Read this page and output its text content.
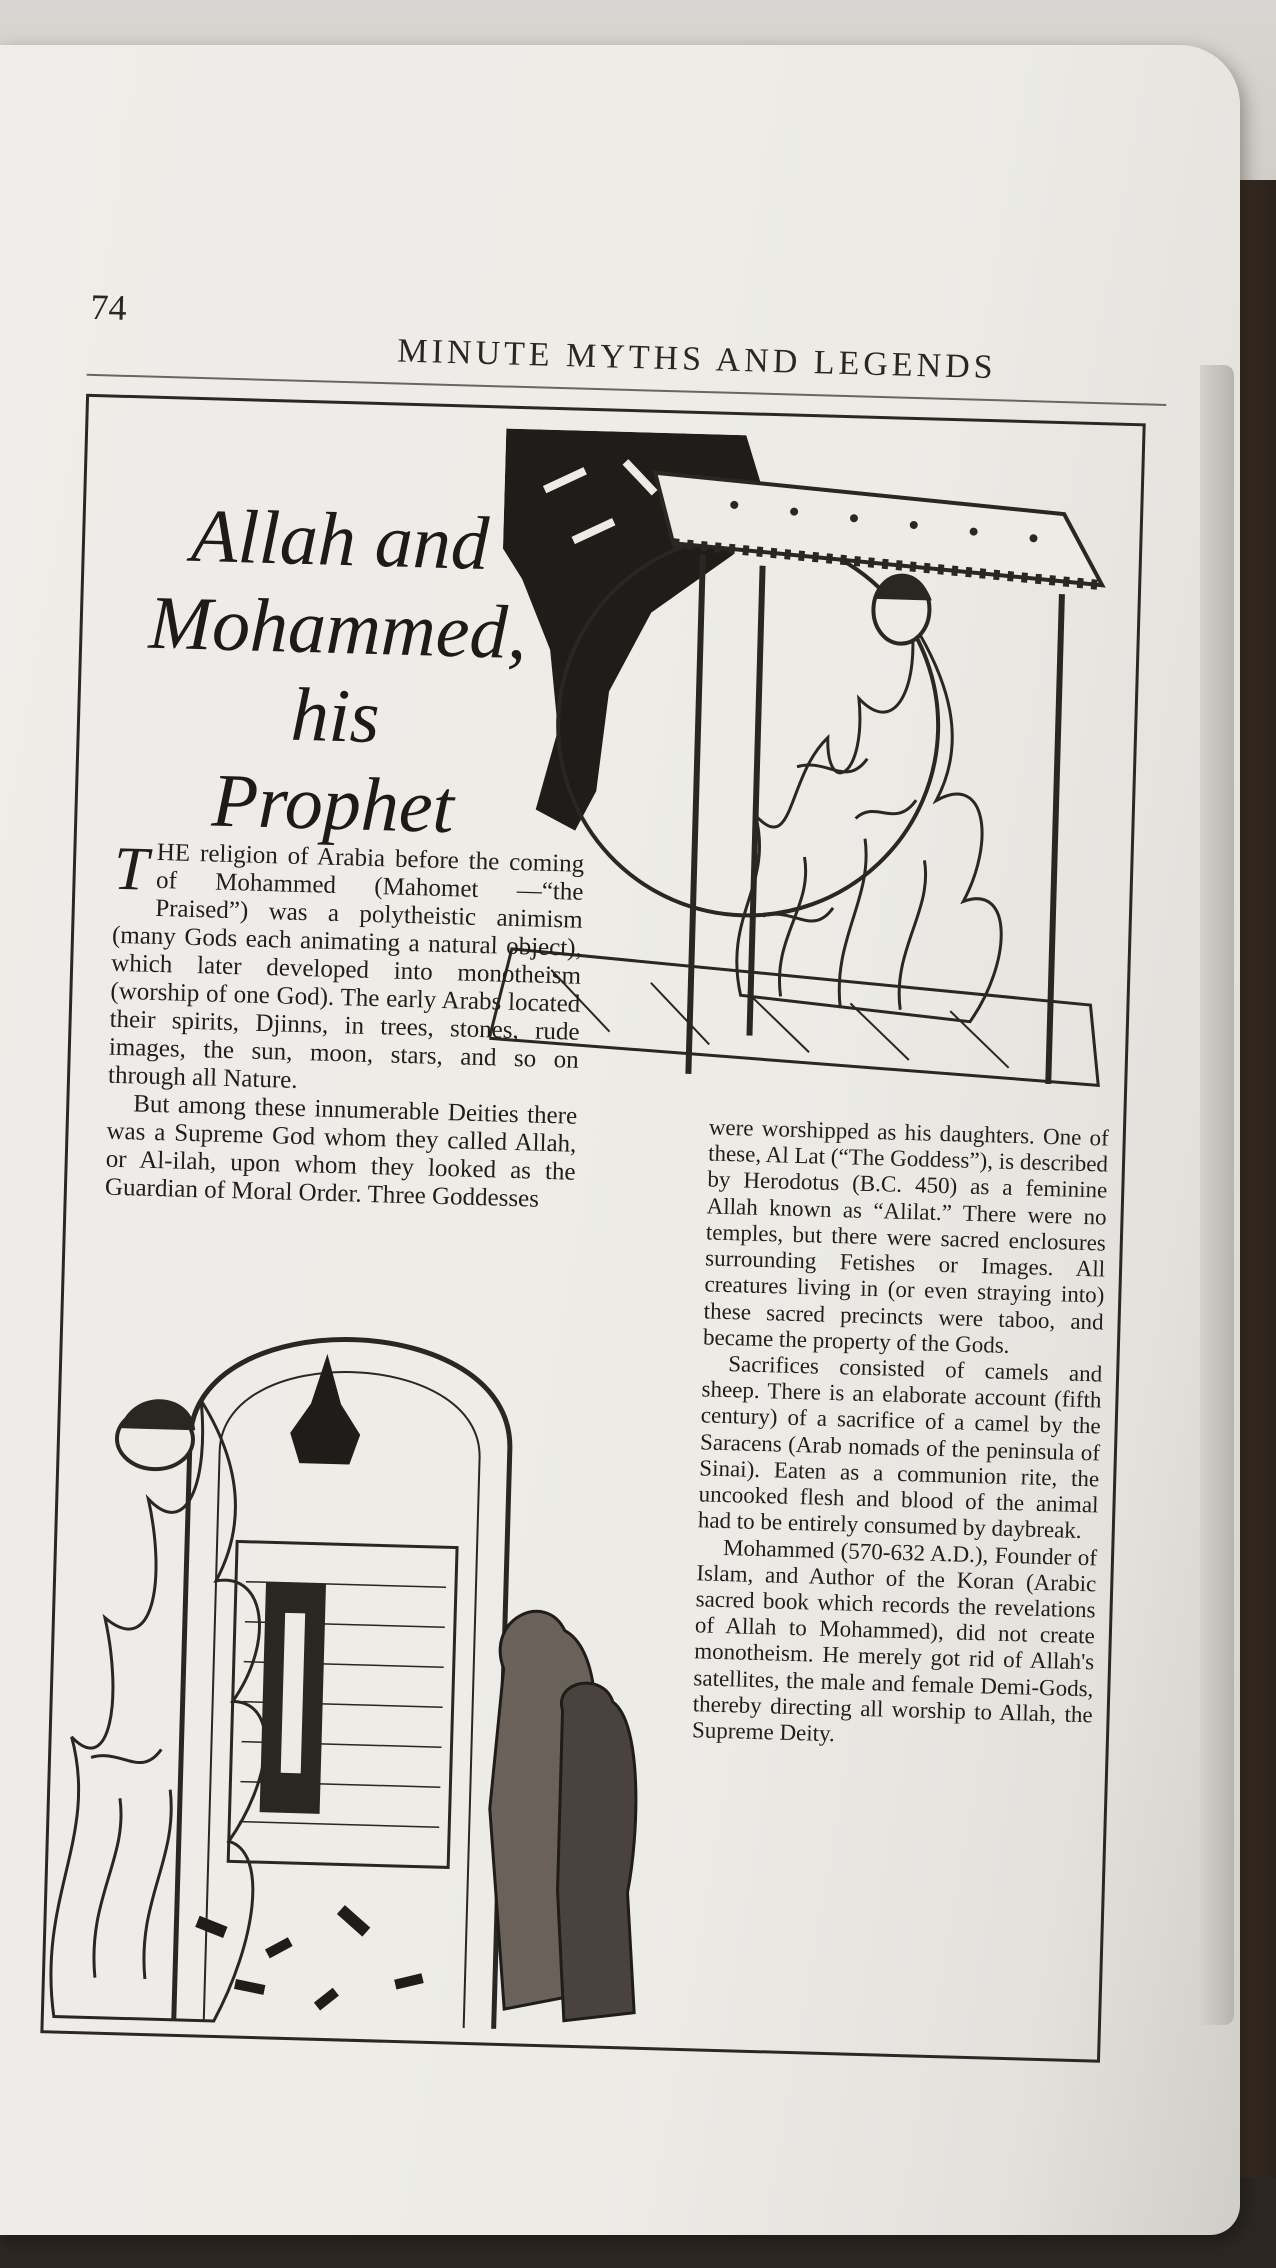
74
MINUTE MYTHS AND LEGENDS
Allah and
Mohammed, his
Prophet

THE religion of Arabia before the coming of Mohammed (Mahomet —“the Praised”) was a polytheistic animism (many Gods each animating a natural object), which later developed into monotheism (worship of one God). The early Arabs located their spirits, Djinns, in trees, stones, rude images, the sun, moon, stars, and so on through all Nature.

But among these innumerable Deities there was a Supreme God whom they called Allah, or Al-ilah, upon whom they looked as the Guardian of Moral Order. Three Goddesses

were worshipped as his daughters. One of these, Al Lat (“The Goddess”), is described by Herodotus (B.C. 450) as a feminine Allah known as “Alilat.” There were no temples, but there were sacred enclosures surrounding Fetishes or Images. All creatures living in (or even straying into) these sacred precincts were taboo, and became the property of the Gods.

Sacrifices consisted of camels and sheep. There is an elaborate account (fifth century) of a sacrifice of a camel by the Saracens (Arab nomads of the peninsula of Sinai). Eaten as a communion rite, the uncooked flesh and blood of the animal had to be entirely consumed by daybreak.

Mohammed (570-632 A.D.), Founder of Islam, and Author of the Koran (Arabic sacred book which records the revelations of Allah to Mohammed), did not create monotheism. He merely got rid of Allah's satellites, the male and female Demi-Gods, thereby directing all worship to Allah, the Supreme Deity.
